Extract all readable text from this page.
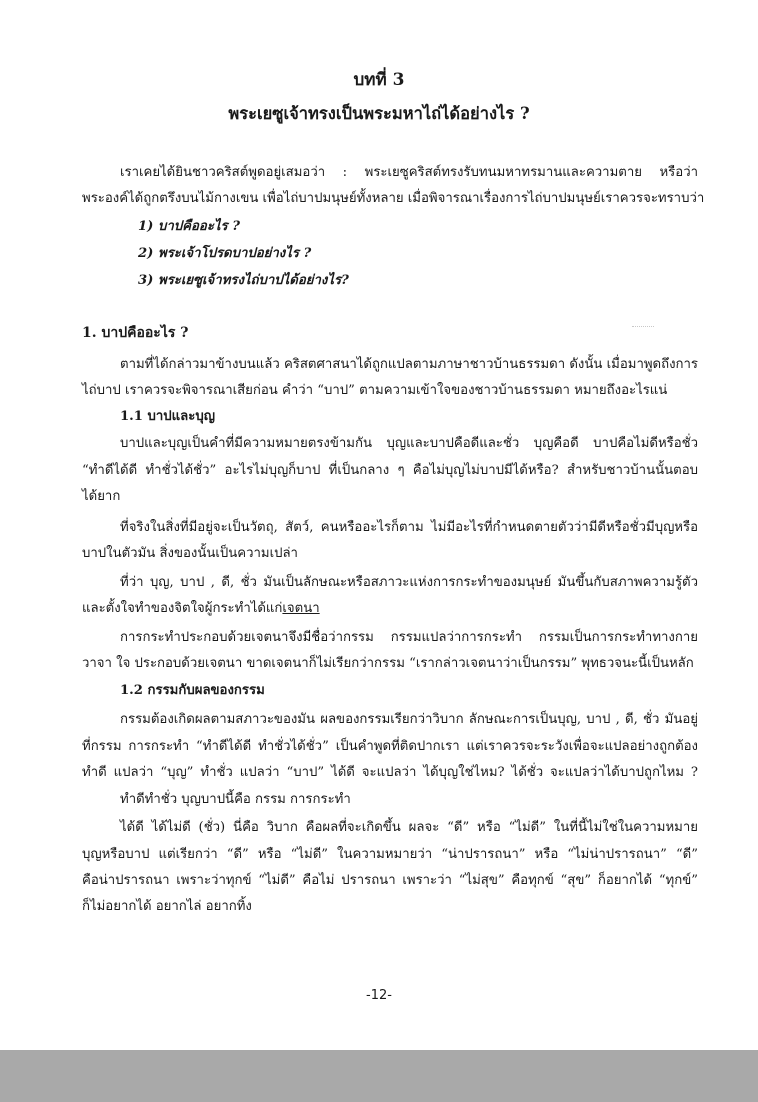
บทที่ 3
พระเยซูเจ้าทรงเป็นพระมหาไถ่ได้อย่างไร ?
เราเคยได้ยินชาวคริสต์พูดอยู่เสมอว่า : พระเยซูคริสต์ทรงรับทนมหาทรมานและความตาย หรือว่า
พระองค์ได้ถูกตรึงบนไม้กางเขน เพื่อไถ่บาปมนุษย์ทั้งหลาย เมื่อพิจารณาเรื่องการไถ่บาปมนุษย์เราควรจะทราบว่า
1) บาปคืออะไร ?
2) พระเจ้าโปรดบาปอย่างไร ?
3) พระเยซูเจ้าทรงไถ่บาปได้อย่างไร?
1. บาปคืออะไร ?
ตามที่ได้กล่าวมาข้างบนแล้ว คริสตศาสนาได้ถูกแปลตามภาษาชาวบ้านธรรมดา ดังนั้น เมื่อมาพูดถึงการ
ไถ่บาป เราควรจะพิจารณาเสียก่อน คำว่า “บาป” ตามความเข้าใจของชาวบ้านธรรมดา หมายถึงอะไรแน่
1.1 บาปและบุญ
บาปและบุญเป็นคำที่มีความหมายตรงข้ามกัน บุญและบาปคือดีและชั่ว บุญคือดี บาปคือไม่ดีหรือชั่ว
“ทำดีได้ดี ทำชั่วได้ชั่ว” อะไรไม่บุญก็บาป ที่เป็นกลาง ๆ คือไม่บุญไม่บาปมีได้หรือ? สำหรับชาวบ้านนั้นตอบ
ได้ยาก
ที่จริงในสิ่งที่มีอยู่จะเป็นวัตถุ, สัตว์, คนหรืออะไรก็ตาม ไม่มีอะไรที่กำหนดตายตัวว่ามีดีหรือชั่วมีบุญหรือ
บาปในตัวมัน สิ่งของนั้นเป็นความเปล่า
ที่ว่า บุญ, บาป , ดี, ชั่ว มันเป็นลักษณะหรือสภาวะแห่งการกระทำของมนุษย์ มันขึ้นกับสภาพความรู้ตัว
และตั้งใจทำของจิตใจผู้กระทำได้แก่เจตนา
การกระทำประกอบด้วยเจตนาจึงมีชื่อว่ากรรม กรรมแปลว่าการกระทำ กรรมเป็นการกระทำทางกาย
วาจา ใจ ประกอบด้วยเจตนา ขาดเจตนาก็ไม่เรียกว่ากรรม “เรากล่าวเจตนาว่าเป็นกรรม” พุทธวจนะนี้เป็นหลัก
1.2 กรรมกับผลของกรรม
กรรมต้องเกิดผลตามสภาวะของมัน ผลของกรรมเรียกว่าวิบาก ลักษณะการเป็นบุญ, บาป , ดี, ชั่ว มันอยู่
ที่กรรม การกระทำ “ทำดีได้ดี ทำชั่วได้ชั่ว” เป็นคำพูดที่ติดปากเรา แต่เราควรจะระวังเพื่อจะแปลอย่างถูกต้อง
ทำดี แปลว่า “บุญ” ทำชั่ว แปลว่า “บาป” ได้ดี จะแปลว่า ได้บุญใช่ไหม? ได้ชั่ว จะแปลว่าได้บาปถูกไหม ?
ทำดีทำชั่ว บุญบาปนี้คือ กรรม การกระทำ
ได้ดี ได้ไม่ดี (ชั่ว) นี่คือ วิบาก คือผลที่จะเกิดขึ้น ผลจะ “ดี” หรือ “ไม่ดี” ในที่นี้ไม่ใช่ในความหมาย
บุญหรือบาป แต่เรียกว่า “ดี” หรือ “ไม่ดี” ในความหมายว่า “น่าปรารถนา” หรือ “ไม่น่าปรารถนา” “ดี”
คือน่าปรารถนา เพราะว่าทุกข์ “ไม่ดี” คือไม่ ปรารถนา เพราะว่า “ไม่สุข” คือทุกข์ “สุข” ก็อยากได้ “ทุกข์”
ก็ไม่อยากได้ อยากไล่ อยากทิ้ง
-12-
